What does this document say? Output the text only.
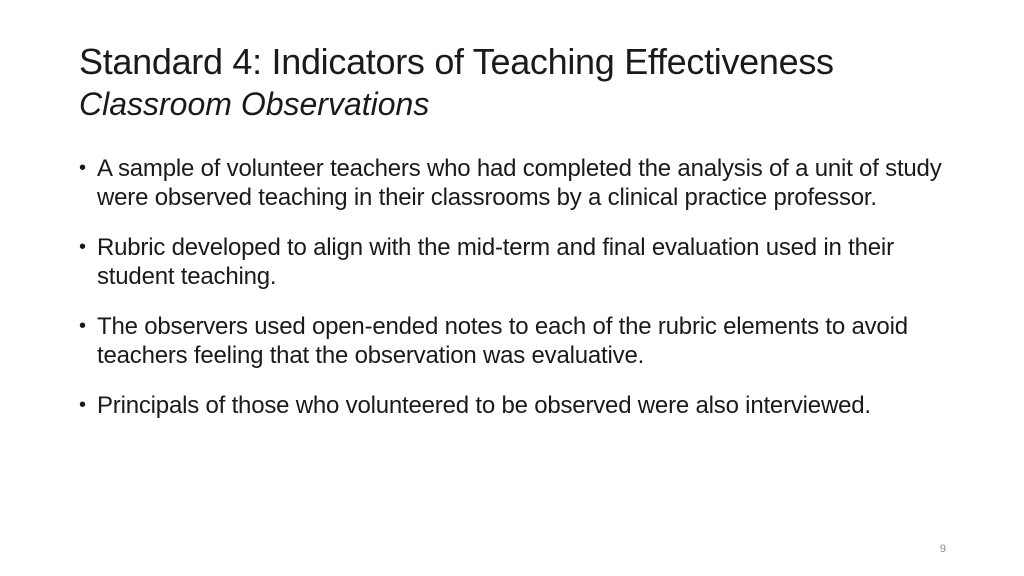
Standard 4: Indicators of Teaching Effectiveness
Classroom Observations
• A sample of volunteer teachers who had completed the analysis of a unit of study were observed teaching in their classrooms by a clinical practice professor.
• Rubric developed to align with the mid-term and final evaluation used in their student teaching.
• The observers used open-ended notes to each of the rubric elements to avoid teachers feeling that the observation was evaluative.
• Principals of those who volunteered to be observed were also interviewed.
9
